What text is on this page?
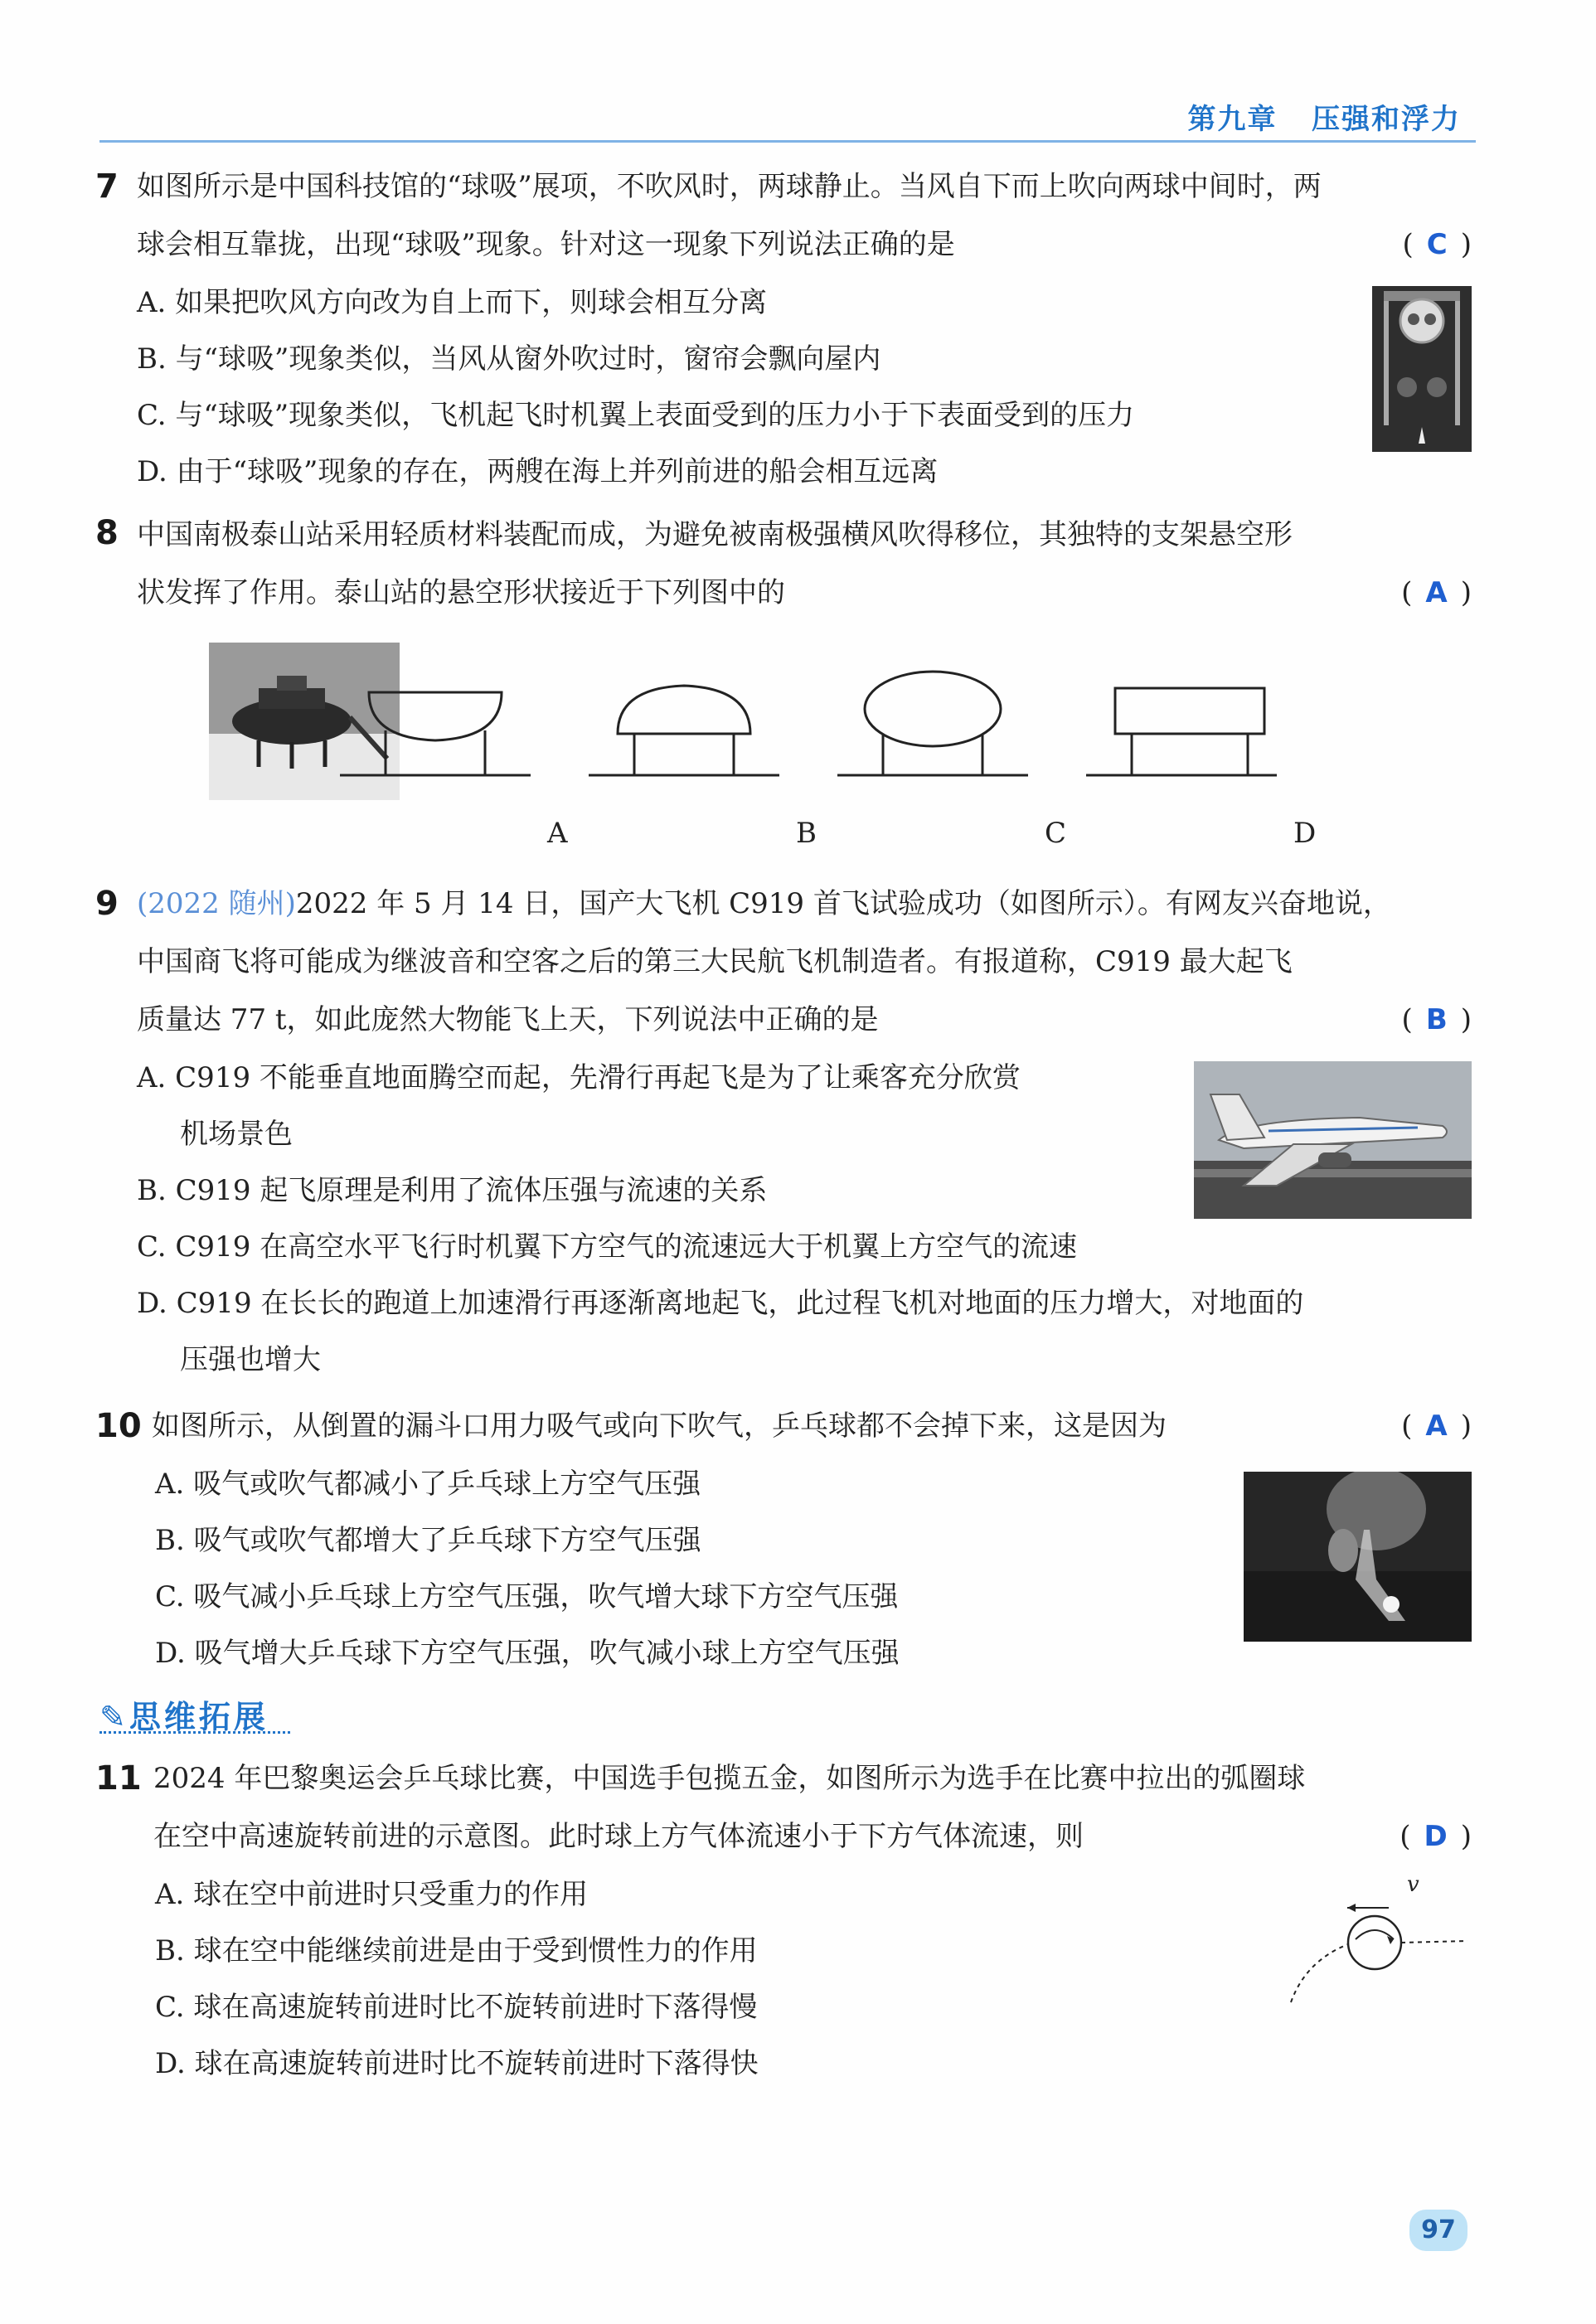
第九章 压强和浮力
7 如图所示是中国科技馆的“球吸”展项，不吹风时，两球静止。当风自下而上吹向两球中间时，两
球会相互靠拢，出现“球吸”现象。针对这一现象下列说法正确的是	( C )
A. 如果把吹风方向改为自上而下，则球会相互分离
B. 与“球吸”现象类似，当风从窗外吹过时，窗帘会飘向屋内
C. 与“球吸”现象类似，飞机起飞时机翼上表面受到的压力小于下表面受到的压力
D. 由于“球吸”现象的存在，两艘在海上并列前进的船会相互远离
8 中国南极泰山站采用轻质材料装配而成，为避免被南极强横风吹得移位，其独特的支架悬空形
状发挥了作用。泰山站的悬空形状接近于下列图中的	( A )
A	B	C	D
9 (2022 随州)2022 年 5 月 14 日，国产大飞机 C919 首飞试验成功（如图所示）。有网友兴奋地说，
中国商飞将可能成为继波音和空客之后的第三大民航飞机制造者。有报道称，C919 最大起飞
质量达 77 t，如此庞然大物能飞上天，下列说法中正确的是	( B )
A. C919 不能垂直地面腾空而起，先滑行再起飞是为了让乘客充分欣赏
机场景色
B. C919 起飞原理是利用了流体压强与流速的关系
C. C919 在高空水平飞行时机翼下方空气的流速远大于机翼上方空气的流速
D. C919 在长长的跑道上加速滑行再逐渐离地起飞，此过程飞机对地面的压力增大，对地面的
压强也增大
10 如图所示，从倒置的漏斗口用力吸气或向下吹气，乒乓球都不会掉下来，这是因为	( A )
A. 吸气或吹气都减小了乒乓球上方空气压强
B. 吸气或吹气都增大了乒乓球下方空气压强
C. 吸气减小乒乓球上方空气压强，吹气增大球下方空气压强
D. 吸气增大乒乓球下方空气压强，吹气减小球上方空气压强
✎思维拓展
11 2024 年巴黎奥运会乒乓球比赛，中国选手包揽五金，如图所示为选手在比赛中拉出的弧圈球
在空中高速旋转前进的示意图。此时球上方气体流速小于下方气体流速，则	( D )
A. 球在空中前进时只受重力的作用
B. 球在空中能继续前进是由于受到惯性力的作用
C. 球在高速旋转前进时比不旋转前进时下落得慢
D. 球在高速旋转前进时比不旋转前进时下落得快
v
97
